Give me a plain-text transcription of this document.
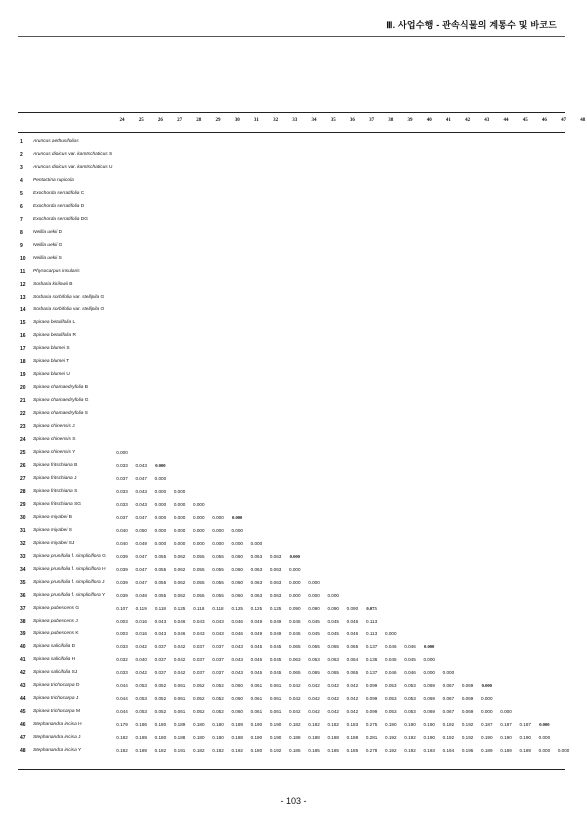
Ⅲ. 사업수행 - 관속식물의 계통수 및 바코드
24	25	26	27	28	29	30	31	32	33	34	35	36	37	38	39	40	41	42	43	44	45	46	47	48
1	Aruncus aethusifolius
2	Aruncus dioicus var. kamtschaticus S
3	Aruncus dioicus var. kamtschaticus U
4	Pentactina rupicola
5	Exochorda serratifolia C
6	Exochorda serratifolia D
7	Exochorda serratifolia DG
8	Neillia uekii D
9	Neillia uekii G
10	Neillia uekii S
11	Physocarpus insularis
12	Sorbaria kirilowii B
13	Sorbaria sorbifolia var. stellipila G
14	Sorbaria sorbifolia var. stellipila O
15	Spiraea betulifolia L
16	Spiraea betulifolia R
17	Spiraea blumei S
18	Spiraea blumei T
19	Spiraea blumei U
20	Spiraea chamaedryfolia B
21	Spiraea chamaedryfolia G
22	Spiraea chamaedryfolia S
23	Spiraea chinensis J
24	Spiraea chinensis S
25	Spiraea chinensis Y	0.000
26	Spiraea fritschiana B	0.033	0.043	0.000
27	Spiraea fritschiana J	0.037	0.047	0.000
28	Spiraea fritschiana S	0.033	0.043	0.000	0.000
29	Spiraea fritschiana SG	0.033	0.043	0.000	0.000	0.000
30	Spiraea miyabei B	0.037	0.047	0.000	0.000	0.000	0.000	0.000
31	Spiraea miyabei S	0.040	0.050	0.000	0.000	0.000	0.000	0.000
32	Spiraea miyabei SJ	0.040	0.049	0.000	0.000	0.000	0.000	0.000	0.000
33	Spiraea prunifolia f. simpliciflora G	0.039	0.047	0.055	0.062	0.055	0.055	0.060	0.063	0.063	0.000
34	Spiraea prunifolia f. simpliciflora H	0.039	0.047	0.055	0.062	0.055	0.055	0.060	0.063	0.063	0.000
35	Spiraea prunifolia f. simpliciflora J	0.039	0.047	0.055	0.062	0.055	0.055	0.060	0.063	0.063	0.000	0.000
36	Spiraea prunifolia f. simpliciflora Y	0.039	0.048	0.055	0.062	0.055	0.055	0.060	0.063	0.063	0.000	0.000	0.000
37	Spiraea pubescens G	0.107	0.119	0.118	0.125	0.118	0.118	0.125	0.125	0.125	0.090	0.090	0.090	0.090	0.075
38	Spiraea pubescens J	0.003	0.016	0.043	0.046	0.043	0.043	0.046	0.049	0.049	0.045	0.045	0.045	0.046	0.113
39	Spiraea pubescens K	0.003	0.016	0.043	0.046	0.043	0.043	0.046	0.049	0.049	0.045	0.045	0.045	0.046	0.113	0.000
40	Spiraea salicifolia D	0.033	0.042	0.037	0.042	0.037	0.037	0.043	0.045	0.045	0.065	0.065	0.065	0.065	0.137	0.046	0.046	0.000
41	Spiraea salicifolia H	0.032	0.040	0.037	0.042	0.037	0.037	0.043	0.045	0.045	0.063	0.063	0.063	0.064	0.136	0.045	0.045	0.000
42	Spiraea salicifolia SJ	0.033	0.042	0.037	0.042	0.037	0.037	0.043	0.045	0.045	0.065	0.065	0.065	0.065	0.137	0.046	0.046	0.000	0.000
43	Spiraea trichocarpa D	0.044	0.053	0.052	0.061	0.052	0.052	0.060	0.061	0.061	0.042	0.042	0.042	0.042	0.099	0.053	0.053	0.069	0.067	0.069	0.000
44	Spiraea trichocarpa J	0.044	0.053	0.052	0.061	0.052	0.052	0.060	0.061	0.061	0.042	0.042	0.042	0.042	0.099	0.053	0.053	0.069	0.067	0.069	0.000
45	Spiraea trichocarpa M	0.044	0.053	0.052	0.061	0.052	0.052	0.060	0.061	0.061	0.042	0.042	0.042	0.042	0.099	0.053	0.053	0.069	0.067	0.069	0.000	0.000
46	Stephanandra incisa H	0.179	0.186	0.180	0.189	0.180	0.180	0.189	0.190	0.190	0.182	0.182	0.182	0.183	0.275	0.190	0.190	0.190	0.192	0.192	0.187	0.187	0.187	0.000
47	Stephanandra incisa J	0.182	0.189	0.180	0.188	0.180	0.180	0.188	0.190	0.190	0.188	0.188	0.188	0.188	0.281	0.192	0.192	0.190	0.192	0.192	0.190	0.190	0.190	0.000
48	Stephanandra incisa Y	0.182	0.189	0.182	0.191	0.182	0.182	0.192	0.180	0.192	0.185	0.185	0.185	0.185	0.278	0.192	0.192	0.193	0.194	0.195	0.189	0.189	0.189	0.000	0.000
- 103 -
